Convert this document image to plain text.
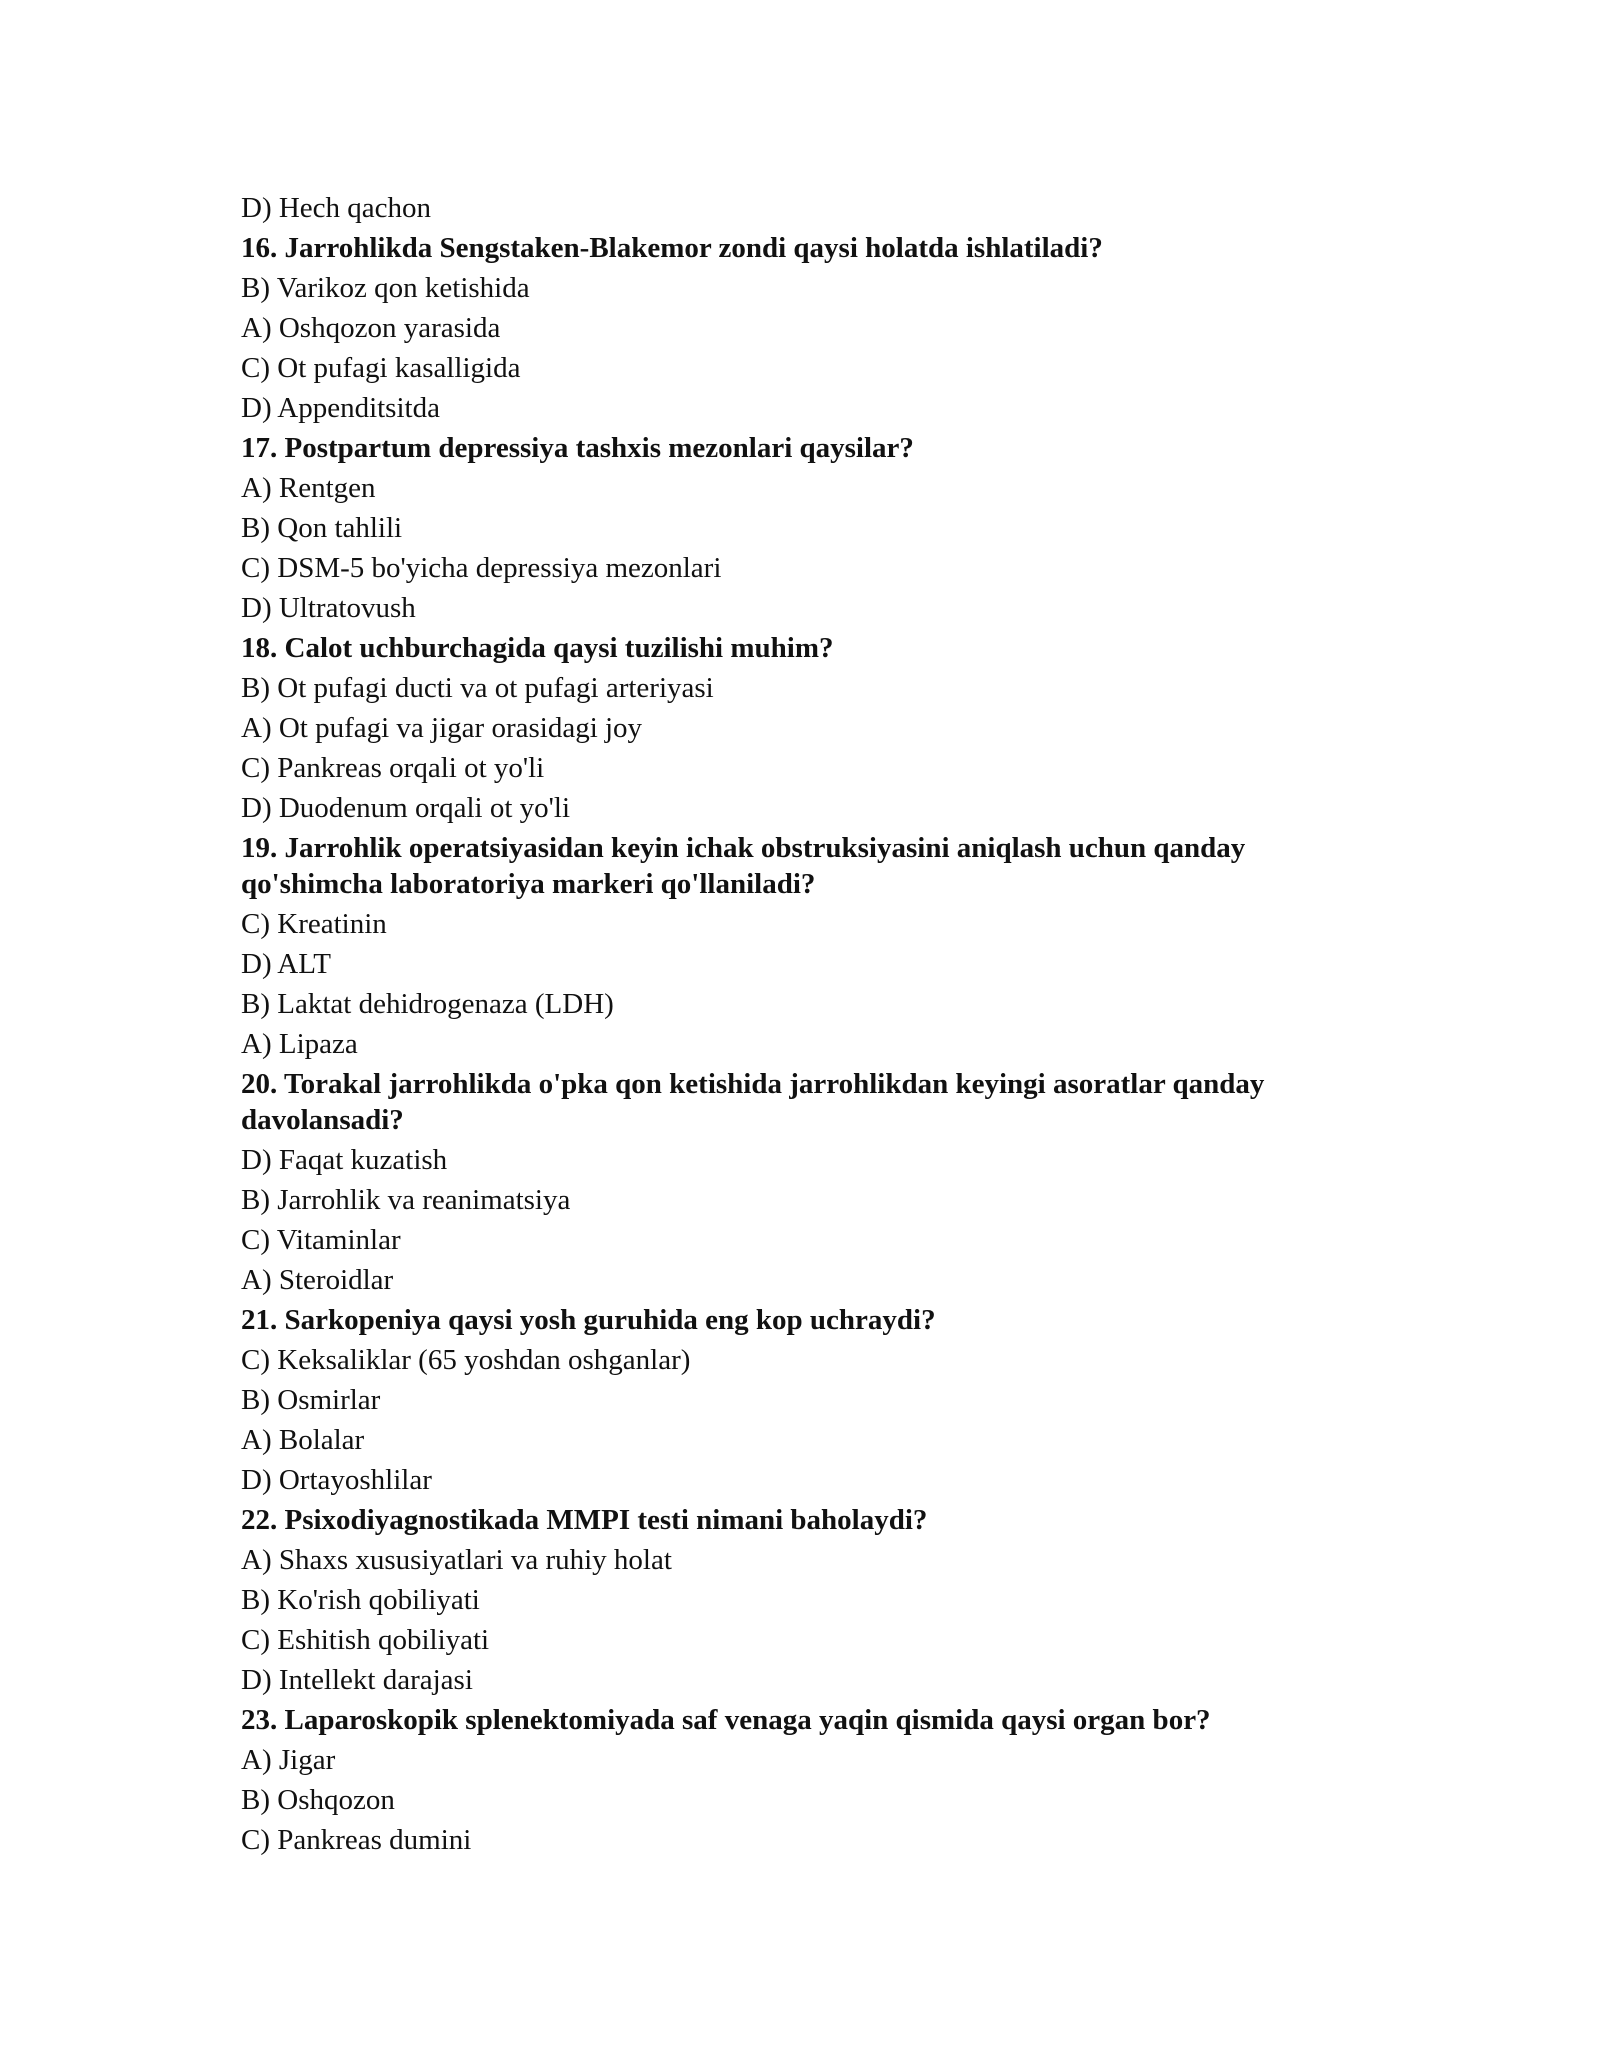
D) Hech qachon
16. Jarrohlikda Sengstaken-Blakemor zondi qaysi holatda ishlatiladi?
B) Varikoz qon ketishida
A) Oshqozon yarasida
C) Ot pufagi kasalligida
D) Appenditsitda
17. Postpartum depressiya tashxis mezonlari qaysilar?
A) Rentgen
B) Qon tahlili
C) DSM-5 bo'yicha depressiya mezonlari
D) Ultratovush
18. Calot uchburchagida qaysi tuzilishi muhim?
B) Ot pufagi ducti va ot pufagi arteriyasi
A) Ot pufagi va jigar orasidagi joy
C) Pankreas orqali ot yo'li
D) Duodenum orqali ot yo'li
19. Jarrohlik operatsiyasidan keyin ichak obstruksiyasini aniqlash uchun qanday qo'shimcha laboratoriya markeri qo'llaniladi?
C) Kreatinin
D) ALT
B) Laktat dehidrogenaza (LDH)
A) Lipaza
20. Torakal jarrohlikda o'pka qon ketishida jarrohlikdan keyingi asoratlar qanday davolansadi?
D) Faqat kuzatish
B) Jarrohlik va reanimatsiya
C) Vitaminlar
A) Steroidlar
21. Sarkopeniya qaysi yosh guruhida eng kop uchraydi?
C) Keksaliklar (65 yoshdan oshganlar)
B) Osmirlar
A) Bolalar
D) Ortayoshlilar
22. Psixodiyagnostikada MMPI testi nimani baholaydi?
A) Shaxs xususiyatlari va ruhiy holat
B) Ko'rish qobiliyati
C) Eshitish qobiliyati
D) Intellekt darajasi
23. Laparoskopik splenektomiyada saf venaga yaqin qismida qaysi organ bor?
A) Jigar
B) Oshqozon
C) Pankreas dumini
